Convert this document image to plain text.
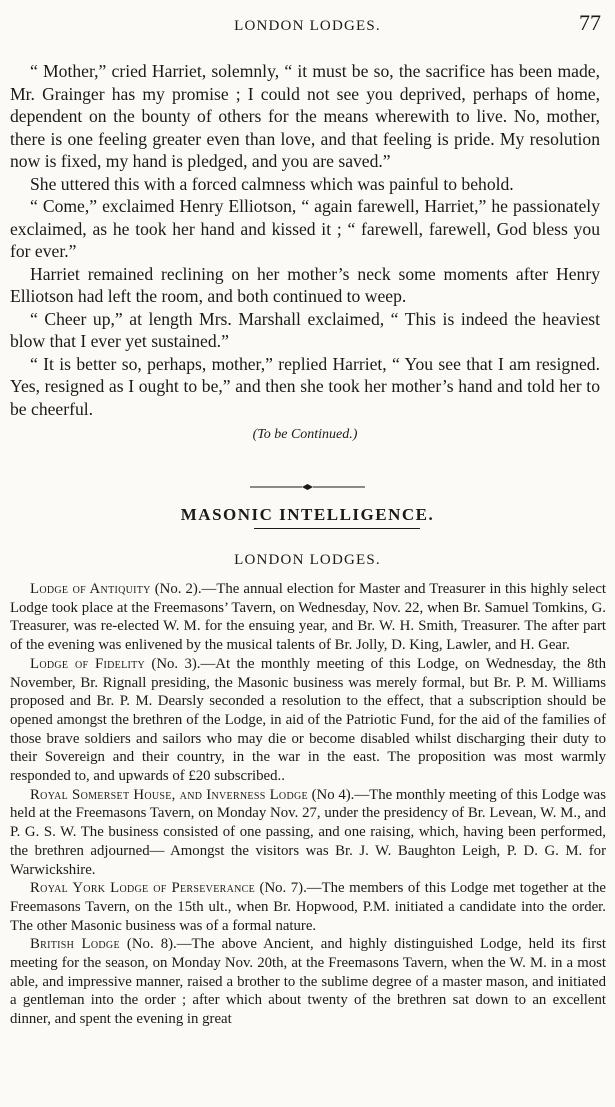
LONDON LODGES.	77

“ Mother,” cried Harriet, solemnly, “ it must be so, the sacrifice has been made, Mr. Grainger has my promise ; I could not see you deprived, perhaps of home, dependent on the bounty of others for the means wherewith to live. No, mother, there is one feeling greater even than love, and that feeling is pride. My resolution now is fixed, my hand is pledged, and you are saved.”

She uttered this with a forced calmness which was painful to behold.

“ Come,” exclaimed Henry Elliotson, “ again farewell, Harriet,” he passionately exclaimed, as he took her hand and kissed it ; “ farewell, farewell, God bless you for ever.”

Harriet remained reclining on her mother’s neck some moments after Henry Elliotson had left the room, and both continued to weep.

“ Cheer up,” at length Mrs. Marshall exclaimed, “ This is indeed the heaviest blow that I ever yet sustained.”

“ It is better so, perhaps, mother,” replied Harriet, “ You see that I am resigned. Yes, resigned as I ought to be,” and then she took her mother’s hand and told her to be cheerful.

(To be Continued.)
MASONIC INTELLIGENCE.
LONDON LODGES.

Lodge of Antiquity (No. 2).—The annual election for Master and Treasurer in this highly select Lodge took place at the Freemasons’ Tavern, on Wednesday, Nov. 22, when Br. Samuel Tomkins, G. Treasurer, was re-elected W. M. for the ensuing year, and Br. W. H. Smith, Treasurer. The after part of the evening was enlivened by the musical talents of Br. Jolly, D. King, Lawler, and H. Gear.

Lodge of Fidelity (No. 3).—At the monthly meeting of this Lodge, on Wednesday, the 8th November, Br. Rignall presiding, the Masonic business was merely formal, but Br. P. M. Williams proposed and Br. P. M. Dearsly seconded a resolution to the effect, that a subscription should be opened amongst the brethren of the Lodge, in aid of the Patriotic Fund, for the aid of the families of those brave soldiers and sailors who may die or become disabled whilst discharging their duty to their Sovereign and their country, in the war in the east. The proposition was most warmly responded to, and upwards of £20 subscribed..

Royal Somerset House, and Inverness Lodge (No 4).—The monthly meeting of this Lodge was held at the Freemasons Tavern, on Monday Nov. 27, under the presidency of Br. Levean, W. M., and P. G. S. W. The business consisted of one passing, and one raising, which, having been performed, the brethren adjourned— Amongst the visitors was Br. J. W. Baughton Leigh, P. D. G. M. for Warwickshire.

Royal York Lodge of Perseverance (No. 7).—The members of this Lodge met together at the Freemasons Tavern, on the 15th ult., when Br. Hopwood, P.M. initiated a candidate into the order. The other Masonic business was of a formal nature.

British Lodge (No. 8).—The above Ancient, and highly distinguished Lodge, held its first meeting for the season, on Monday Nov. 20th, at the Freemasons Tavern, when the W. M. in a most able, and impressive manner, raised a brother to the sublime degree of a master mason, and initiated a gentleman into the order ; after which about twenty of the brethren sat down to an excellent dinner, and spent the evening in great
